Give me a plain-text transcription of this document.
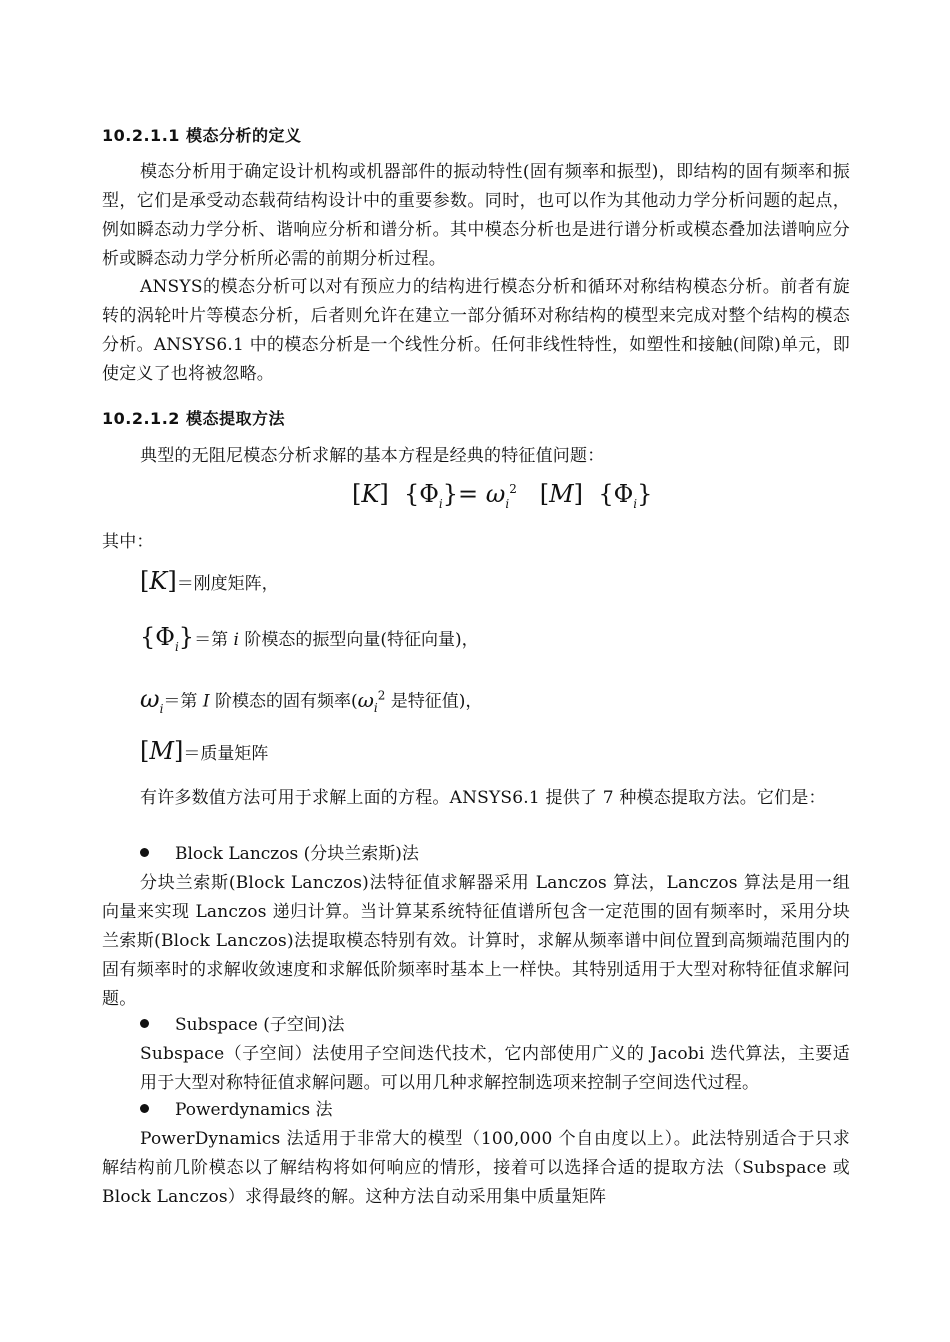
10.2.1.1 模态分析的定义
模态分析用于确定设计机构或机器部件的振动特性(固有频率和振型)，即结构的固有频率和振型，它们是承受动态载荷结构设计中的重要参数。同时，也可以作为其他动力学分析问题的起点，例如瞬态动力学分析、谐响应分析和谱分析。其中模态分析也是进行谱分析或模态叠加法谱响应分析或瞬态动力学分析所必需的前期分析过程。
ANSYS的模态分析可以对有预应力的结构进行模态分析和循环对称结构模态分析。前者有旋转的涡轮叶片等模态分析，后者则允许在建立一部分循环对称结构的模型来完成对整个结构的模态分析。ANSYS6.1 中的模态分析是一个线性分析。任何非线性特性，如塑性和接触(间隙)单元，即使定义了也将被忽略。
10.2.1.2 模态提取方法
典型的无阻尼模态分析求解的基本方程是经典的特征值问题：
[K] $\{\Phi_i\}= \omega_i^2$ [M] $\{\Phi_i\}$
其中：
[K]＝刚度矩阵，
$\{\Phi_i\}=$第 i 阶模态的振型向量(特征向量)，
$\omega_i=$第 I 阶模态的固有频率($\omega_i^2$ 是特征值)，
[M]＝质量矩阵
有许多数值方法可用于求解上面的方程。ANSYS6.1 提供了 7 种模态提取方法。它们是：
Block Lanczos (分块兰索斯)法
分块兰索斯(Block Lanczos)法特征值求解器采用 Lanczos 算法，Lanczos 算法是用一组向量来实现 Lanczos 递归计算。当计算某系统特征值谱所包含一定范围的固有频率时，采用分块兰索斯(Block Lanczos)法提取模态特别有效。计算时，求解从频率谱中间位置到高频端范围内的固有频率时的求解收敛速度和求解低阶频率时基本上一样快。其特别适用于大型对称特征值求解问题。
Subspace (子空间)法
Subspace（子空间）法使用子空间迭代技术，它内部使用广义的 Jacobi 迭代算法，主要适用于大型对称特征值求解问题。可以用几种求解控制选项来控制子空间迭代过程。
Powerdynamics 法
PowerDynamics 法适用于非常大的模型（100,000 个自由度以上）。此法特别适合于只求解结构前几阶模态以了解结构将如何响应的情形，接着可以选择合适的提取方法（Subspace 或 Block Lanczos）求得最终的解。这种方法自动采用集中质量矩阵
